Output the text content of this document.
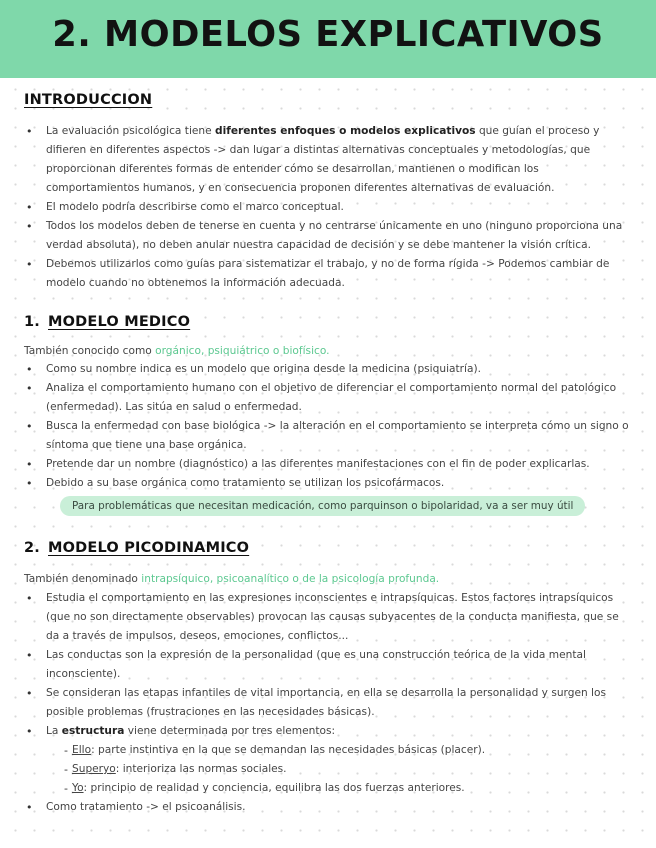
2. MODELOS EXPLICATIVOS
INTRODUCCION
• La evaluación psicológica tiene diferentes enfoques o modelos explicativos que guían el proceso y difieren en diferentes aspectos -> dan lugar a distintas alternativas conceptuales y metodologías, que proporcionan diferentes formas de entender cómo se desarrollan, mantienen o modifican los comportamientos humanos, y en consecuencia proponen diferentes alternativas de evaluación.
• El modelo podría describirse como el marco conceptual.
• Todos los modelos deben de tenerse en cuenta y no centrarse únicamente en uno (ninguno proporciona una verdad absoluta), no deben anular nuestra capacidad de decisión y se debe mantener la visión crítica.
• Debemos utilizarlos como guías para sistematizar el trabajo, y no de forma rígida -> Podemos cambiar de modelo cuando no obtenemos la información adecuada.
1. MODELO MEDICO
También conocido como orgánico, psiquiátrico o biofísico.
• Como su nombre indica es un modelo que origina desde la medicina (psiquiatría).
• Analiza el comportamiento humano con el objetivo de diferenciar el comportamiento normal del patológico (enfermedad). Las sitúa en salud o enfermedad.
• Busca la enfermedad con base biológica -> la alteración en el comportamiento se interpreta cómo un signo o síntoma que tiene una base orgánica.
• Pretende dar un nombre (diagnóstico) a las diferentes manifestaciones con el fin de poder explicarlas.
• Debido a su base orgánica como tratamiento se utilizan los psicofármacos.
Para problemáticas que necesitan medicación, como parquinson o bipolaridad, va a ser muy útil
2. MODELO PICODINAMICO
También denominado intrapsíquico, psicoanalítico o de la psicología profunda.
• Estudia el comportamiento en las expresiones inconscientes e intrapsíquicas. Estos factores intrapsíquicos (que no son directamente observables) provocan las causas subyacentes de la conducta manifiesta, que se da a través de impulsos, deseos, emociones, conflictos...
• Las conductas son la expresión de la personalidad (que es una construcción teórica de la vida mental inconsciente).
• Se consideran las etapas infantiles de vital importancia, en ella se desarrolla la personalidad y surgen los posible problemas (frustraciones en las necesidades básicas).
• La estructura viene determinada por tres elementos:
- Ello: parte instintiva en la que se demandan las necesidades básicas (placer).
- Superyo: interioriza las normas sociales.
- Yo: principio de realidad y conciencia, equilibra las dos fuerzas anteriores.
• Como tratamiento -> el psicoanálisis.
